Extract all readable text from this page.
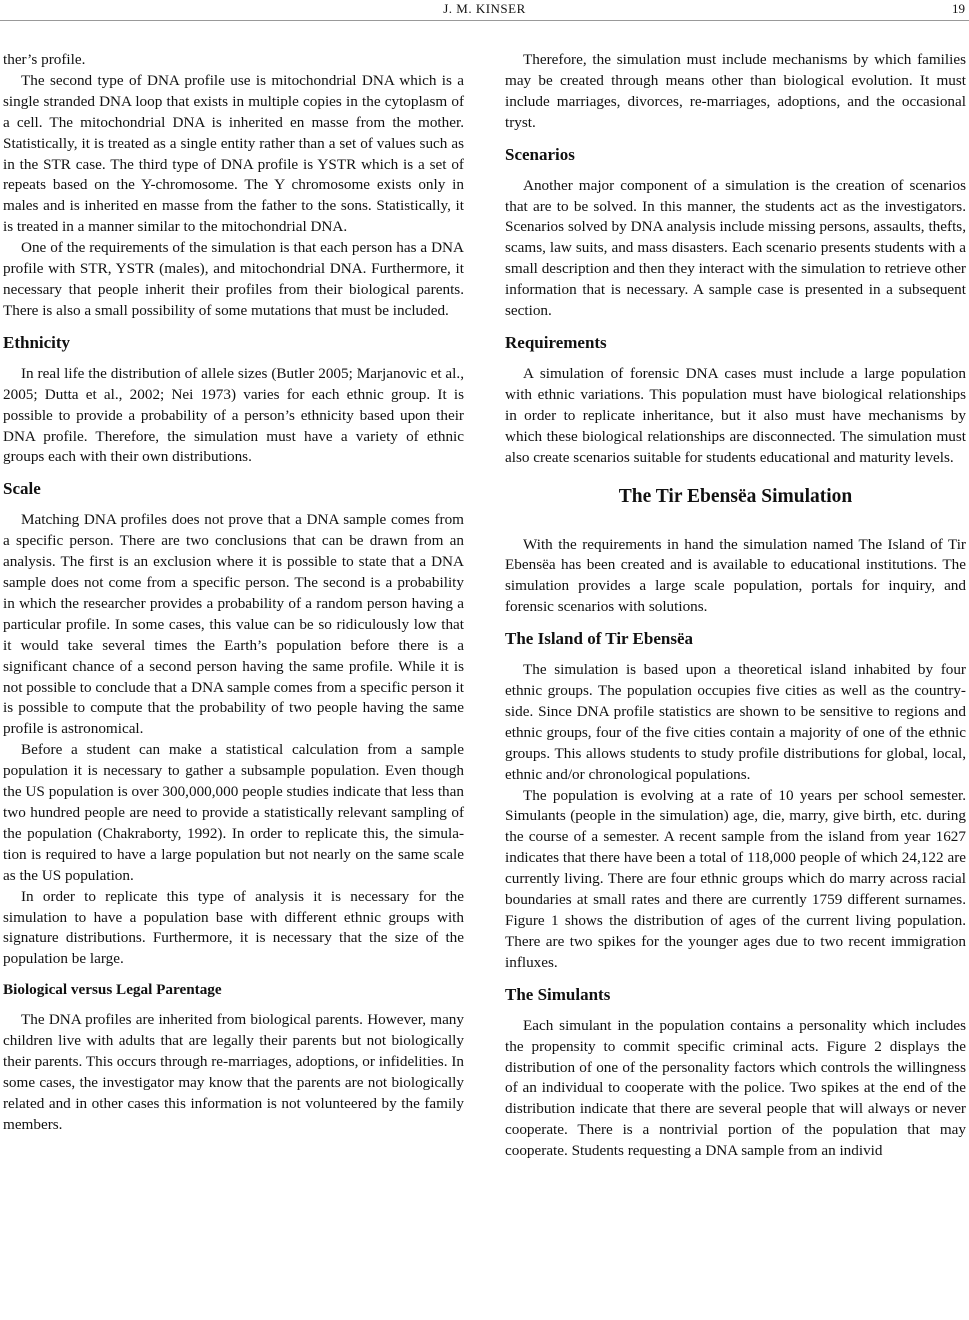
J. M. KINSER	19

ther’s profile.

The second type of DNA profile use is mitochondrial DNA which is a single stranded DNA loop that exists in multiple copies in the cytoplasm of a cell. The mitochondrial DNA is inherited en masse from the mother. Statistically, it is treated as a single entity rather than a set of values such as in the STR case. The third type of DNA profile is YSTR which is a set of repeats based on the Y-chromosome. The Y chromosome exists only in males and is inherited en masse from the father to the sons. Statistically, it is treated in a manner similar to the mitochondrial DNA.

One of the requirements of the simulation is that each person has a DNA profile with STR, YSTR (males), and mitochondrial DNA. Furthermore, it necessary that people inherit their profiles from their biological parents. There is also a small possibility of some mutations that must be included.

Ethnicity

In real life the distribution of allele sizes (Butler 2005; Marjanovic et al., 2005; Dutta et al., 2002; Nei 1973) varies for each ethnic group. It is possible to provide a probability of a person’s ethnicity based upon their DNA profile. Therefore, the simulation must have a variety of ethnic groups each with their own distributions.

Scale

Matching DNA profiles does not prove that a DNA sample comes from a specific person. There are two conclusions that can be drawn from an analysis. The first is an exclusion where it is possible to state that a DNA sample does not come from a specific person. The second is a probability in which the researcher provides a probability of a random person having a particular profile. In some cases, this value can be so ridiculously low that it would take several times the Earth’s population before there is a significant chance of a second person having the same profile. While it is not possible to conclude that a DNA sample comes from a specific person it is possible to compute that the probability of two people having the same profile is astronomical.

Before a student can make a statistical calculation from a sample population it is necessary to gather a subsample population. Even though the US population is over 300,000,000 people studies indicate that less than two hundred people are need to provide a statistically relevant sampling of the population (Chakraborty, 1992). In order to replicate this, the simulation is required to have a large population but not nearly on the same scale as the US population.

In order to replicate this type of analysis it is necessary for the simulation to have a population base with different ethnic groups with signature distributions. Furthermore, it is necessary that the size of the population be large.

Biological versus Legal Parentage

The DNA profiles are inherited from biological parents. However, many children live with adults that are legally their parents but not biologically their parents. This occurs through re-marriages, adoptions, or infidelities. In some cases, the investigator may know that the parents are not biologically related and in other cases this information is not volunteered by the family members.

Therefore, the simulation must include mechanisms by which families may be created through means other than biological evolution. It must include marriages, divorces, re-marriages, adoptions, and the occasional tryst.

Scenarios

Another major component of a simulation is the creation of scenarios that are to be solved. In this manner, the students act as the investigators. Scenarios solved by DNA analysis include missing persons, assaults, thefts, scams, law suits, and mass disasters. Each scenario presents students with a small description and then they interact with the simulation to retrieve other information that is necessary. A sample case is presented in a subsequent section.

Requirements

A simulation of forensic DNA cases must include a large population with ethnic variations. This population must have biological relationships in order to replicate inheritance, but it also must have mechanisms by which these biological relationships are disconnected. The simulation must also create scenarios suitable for students educational and maturity levels.

The Tir Ebensëa Simulation

With the requirements in hand the simulation named The Island of Tir Ebensëa has been created and is available to educational institutions. The simulation provides a large scale population, portals for inquiry, and forensic scenarios with solutions.

The Island of Tir Ebensëa

The simulation is based upon a theoretical island inhabited by four ethnic groups. The population occupies five cities as well as the country-side. Since DNA profile statistics are shown to be sensitive to regions and ethnic groups, four of the five cities contain a majority of one of the ethnic groups. This allows students to study profile distributions for global, local, ethnic and/or chronological populations.

The population is evolving at a rate of 10 years per school semester. Simulants (people in the simulation) age, die, marry, give birth, etc. during the course of a semester. A recent sample from the island from year 1627 indicates that there have been a total of 118,000 people of which 24,122 are currently living. There are four ethnic groups which do marry across racial boundaries at small rates and there are currently 1759 different surnames. Figure 1 shows the distribution of ages of the current living population. There are two spikes for the younger ages due to two recent immigration influxes.

The Simulants

Each simulant in the population contains a personality which includes the propensity to commit specific criminal acts. Figure 2 displays the distribution of one of the personality factors which controls the willingness of an individual to cooperate with the police. Two spikes at the end of the distribution indicate that there are several people that will always or never cooperate. There is a nontrivial portion of the population that may cooperate. Students requesting a DNA sample from an individ
